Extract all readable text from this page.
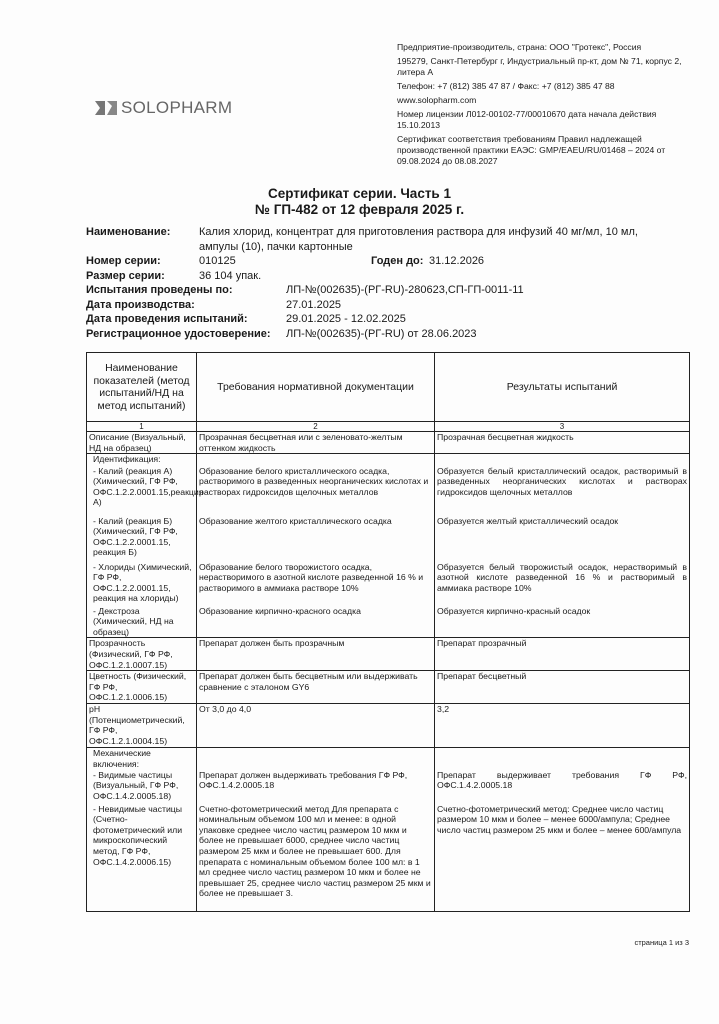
SOLOPHARM
Предприятие-производитель, страна: ООО "Гротекс", Россия
195279, Санкт-Петербург г, Индустриальный пр-кт, дом № 71, корпус 2, литера А
Телефон: +7 (812) 385 47 87 / Факс: +7 (812) 385 47 88
www.solopharm.com
Номер лицензии Л012-00102-77/00010670 дата начала действия 15.10.2013
Сертификат соответствия требованиям Правил надлежащей производственной практики ЕАЭС: GMP/EAEU/RU/01468 – 2024 от 09.08.2024 до 08.08.2027
Сертификат серии. Часть 1
№ ГП-482 от 12 февраля 2025 г.
Наименование:	Калия хлорид, концентрат для приготовления раствора для инфузий 40 мг/мл, 10 мл,
ампулы (10), пачки картонные
Номер серии:	010125	Годен до: 31.12.2026
Размер серии:	36 104 упак.
Испытания проведены по:	ЛП-№(002635)-(РГ-RU)-280623,СП-ГП-0011-11
Дата производства:	27.01.2025
Дата проведения испытаний:	29.01.2025 - 12.02.2025
Регистрационное удостоверение: ЛП-№(002635)-(РГ-RU) от 28.06.2023
Наименование показателей (метод испытаний/НД на метод испытаний)	Требования нормативной документации	Результаты испытаний
1	2	3
Описание (Визуальный, НД на образец)	Прозрачная бесцветная или с зеленовато-желтым оттенком жидкость	Прозрачная бесцветная жидкость
Идентификация:		
- Калий (реакция А) (Химический, ГФ РФ, ОФС.1.2.2.0001.15,реакция А)	Образование белого кристаллического осадка, растворимого в разведенных неорганических кислотах и растворах гидроксидов щелочных металлов	Образуется белый кристаллический осадок, растворимый в разведенных неорганических кислотах и растворах гидроксидов щелочных металлов
- Калий (реакция Б) (Химический, ГФ РФ, ОФС.1.2.2.0001.15, реакция Б)	Образование желтого кристаллического осадка	Образуется желтый кристаллический осадок
- Хлориды (Химический, ГФ РФ, ОФС.1.2.2.0001.15, реакция на хлориды)	Образование белого творожистого осадка, нерастворимого в азотной кислоте разведенной 16 % и растворимого в аммиака растворе 10%	Образуется белый творожистый осадок, нерастворимый в азотной кислоте разведенной 16 % и растворимый в аммиака растворе 10%
- Декстроза (Химический, НД на образец)	Образование кирпично-красного осадка	Образуется кирпично-красный осадок
Прозрачность (Физический, ГФ РФ, ОФС.1.2.1.0007.15)	Препарат должен быть прозрачным	Препарат прозрачный
Цветность (Физический, ГФ РФ, ОФС.1.2.1.0006.15)	Препарат должен быть бесцветным или выдерживать сравнение с эталоном GY6	Препарат бесцветный
pH (Потенциометрический, ГФ РФ, ОФС.1.2.1.0004.15)	От 3,0 до 4,0	3,2
Механические включения:		
- Видимые частицы (Визуальный, ГФ РФ, ОФС.1.4.2.0005.18)	Препарат должен выдерживать требования ГФ РФ, ОФС.1.4.2.0005.18	Препарат выдерживает требования ГФ РФ, ОФС.1.4.2.0005.18
- Невидимые частицы (Счетно-фотометрический или микроскопический метод, ГФ РФ, ОФС.1.4.2.0006.15)	Счетно-фотометрический метод Для препарата с номинальным объемом 100 мл и менее: в одной упаковке среднее число частиц размером 10 мкм и более не превышает 6000, среднее число частиц размером 25 мкм и более не превышает 600. Для препарата с номинальным объемом более 100 мл: в 1 мл среднее число частиц размером 10 мкм и более не превышает 25, среднее число частиц размером 25 мкм и более не превышает 3.	Счетно-фотометрический метод: Среднее число частиц размером 10 мкм и более – менее 6000/ампула; Среднее число частиц размером 25 мкм и более – менее 600/ампула
страница 1 из 3
